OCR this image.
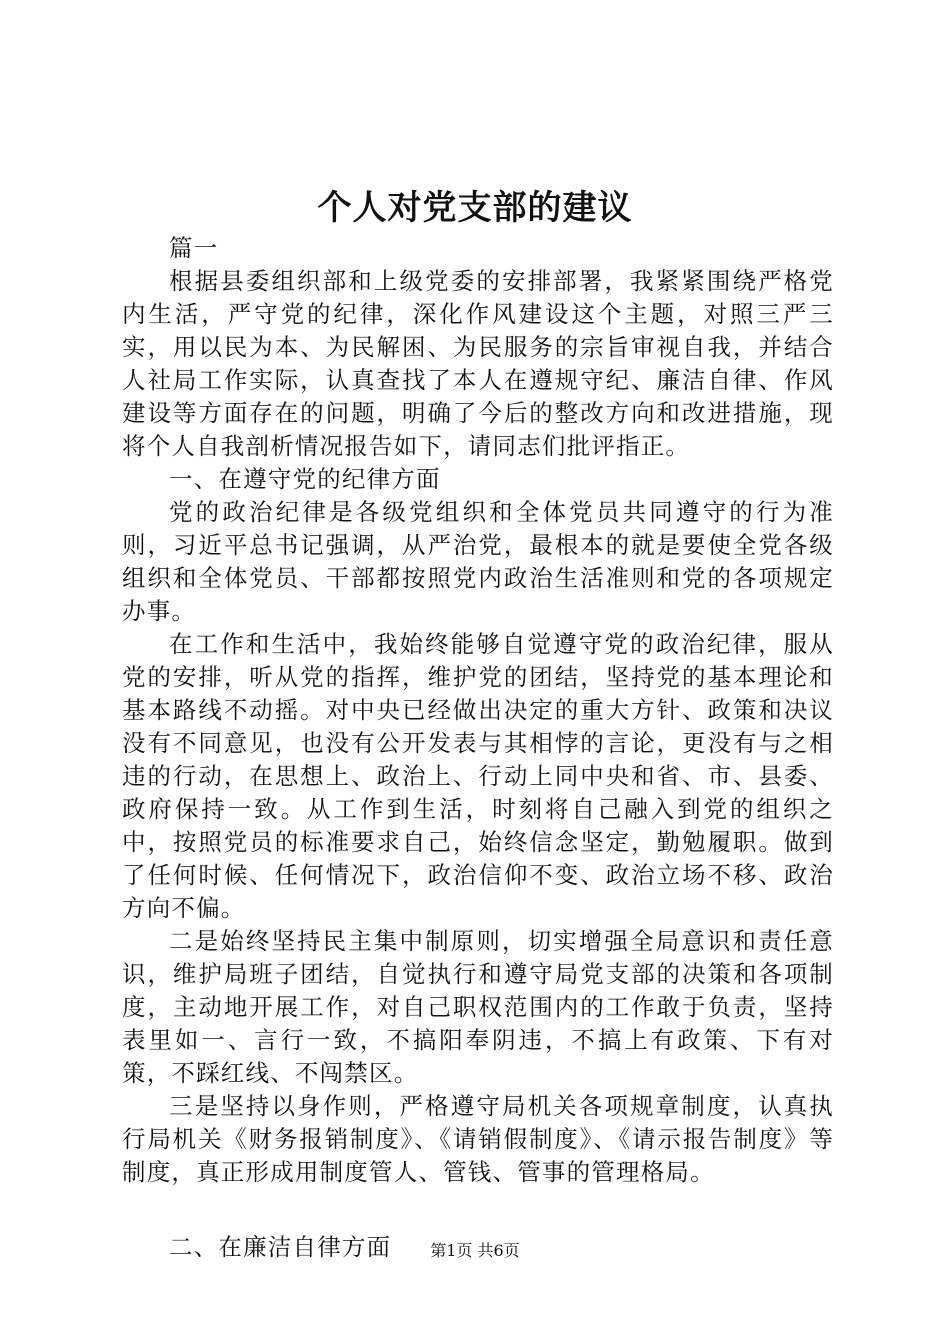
个人对党支部的建议

篇一

根据县委组织部和上级党委的安排部署，我紧紧围绕严格党内生活，严守党的纪律，深化作风建设这个主题，对照三严三实，用以民为本、为民解困、为民服务的宗旨审视自我，并结合人社局工作实际，认真查找了本人在遵规守纪、廉洁自律、作风建设等方面存在的问题，明确了今后的整改方向和改进措施，现将个人自我剖析情况报告如下，请同志们批评指正。

一、在遵守党的纪律方面

党的政治纪律是各级党组织和全体党员共同遵守的行为准则，习近平总书记强调，从严治党，最根本的就是要使全党各级组织和全体党员、干部都按照党内政治生活准则和党的各项规定办事。

在工作和生活中，我始终能够自觉遵守党的政治纪律，服从党的安排，听从党的指挥，维护党的团结，坚持党的基本理论和基本路线不动摇。对中央已经做出决定的重大方针、政策和决议没有不同意见，也没有公开发表与其相悖的言论，更没有与之相违的行动，在思想上、政治上、行动上同中央和省、市、县委、政府保持一致。从工作到生活，时刻将自己融入到党的组织之中，按照党员的标准要求自己，始终信念坚定，勤勉履职。做到了任何时候、任何情况下，政治信仰不变、政治立场不移、政治方向不偏。

二是始终坚持民主集中制原则，切实增强全局意识和责任意识，维护局班子团结，自觉执行和遵守局党支部的决策和各项制度，主动地开展工作，对自己职权范围内的工作敢于负责，坚持表里如一、言行一致，不搞阳奉阴违，不搞上有政策、下有对策，不踩红线、不闯禁区。

三是坚持以身作则，严格遵守局机关各项规章制度，认真执行局机关《财务报销制度》、《请销假制度》、《请示报告制度》等制度，真正形成用制度管人、管钱、管事的管理格局。

二、在廉洁自律方面	第1页 共6页
